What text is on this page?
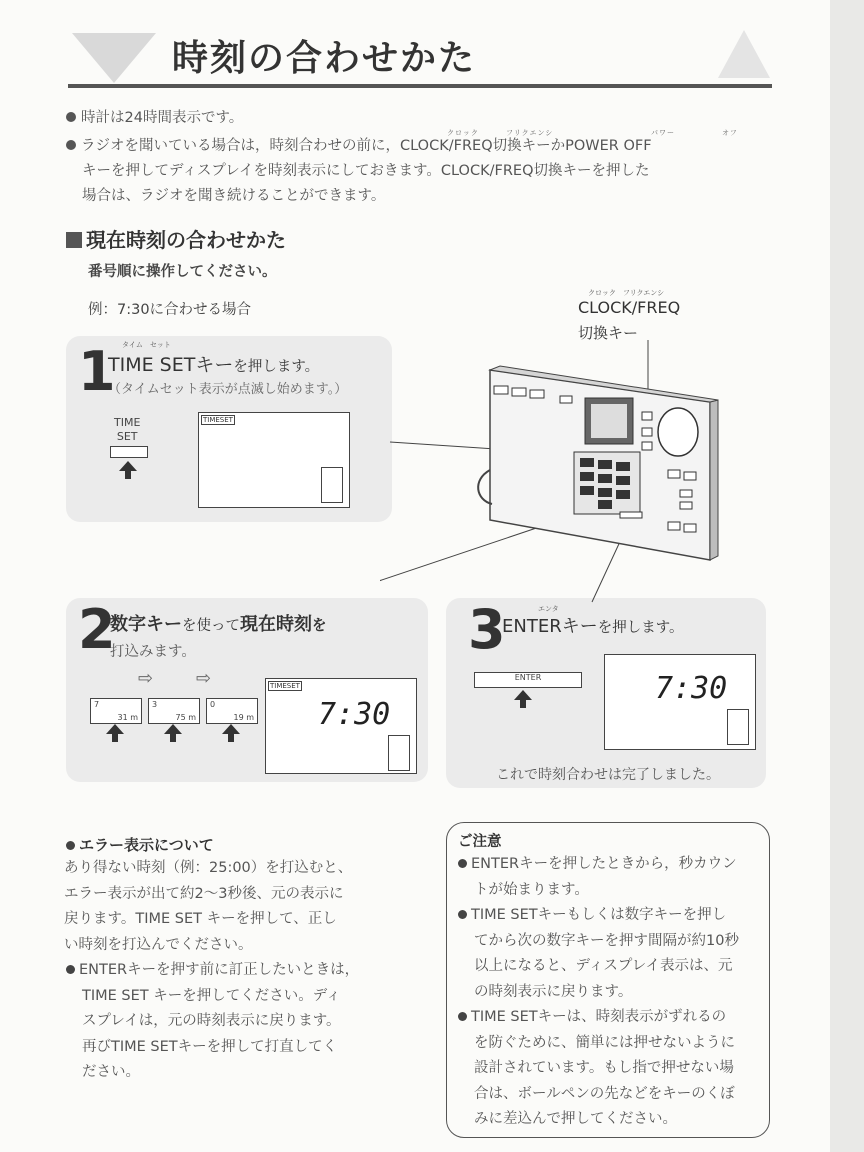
時刻の合わせかた
時計は24時間表示です。
クロック	フリクエンシ	パワー	オフ
ラジオを聞いている場合は，時刻合わせの前に，CLOCK/FREQ切換キーかPOWER OFF
キーを押してディスプレイを時刻表示にしておきます。CLOCK/FREQ切換キーを押した
場合は、ラジオを聞き続けることができます。
現在時刻の合わせかた
番号順に操作してください。
例：7:30に合わせる場合
クロック　フリクエンシ
CLOCK/FREQ
切換キー
1 タイム　セット
TIME SETキーを押します。
（タイムセット表示が点滅し始めます。）
TIME
SET
TIMESET
2
数字キーを使って現在時刻を
打込みます。
⇨ ⇨
7
31 m
3
75 m
0
19 m
TIMESET
7:30
3	エンタ
ENTERキーを押します。
ENTER	7:30
これで時刻合わせは完了しました。
エラー表示について
あり得ない時刻（例：25:00）を打込むと、
エラー表示が出て約2〜3秒後、元の表示に
戻ります。TIME SET キーを押して、正し
い時刻を打込んでください。
ENTERキーを押す前に訂正したいときは，
TIME SET キーを押してください。ディ
スプレイは，元の時刻表示に戻ります。
再びTIME SETキーを押して打直してく
ださい。
ご注意
ENTERキーを押したときから，秒カウン
トが始まります。
TIME SETキーもしくは数字キーを押し
てから次の数字キーを押す間隔が約10秒
以上になると、ディスプレイ表示は、元
の時刻表示に戻ります。
TIME SETキーは、時刻表示がずれるの
を防ぐために、簡単には押せないように
設計されています。もし指で押せない場
合は、ボールペンの先などをキーのくぼ
みに差込んで押してください。
